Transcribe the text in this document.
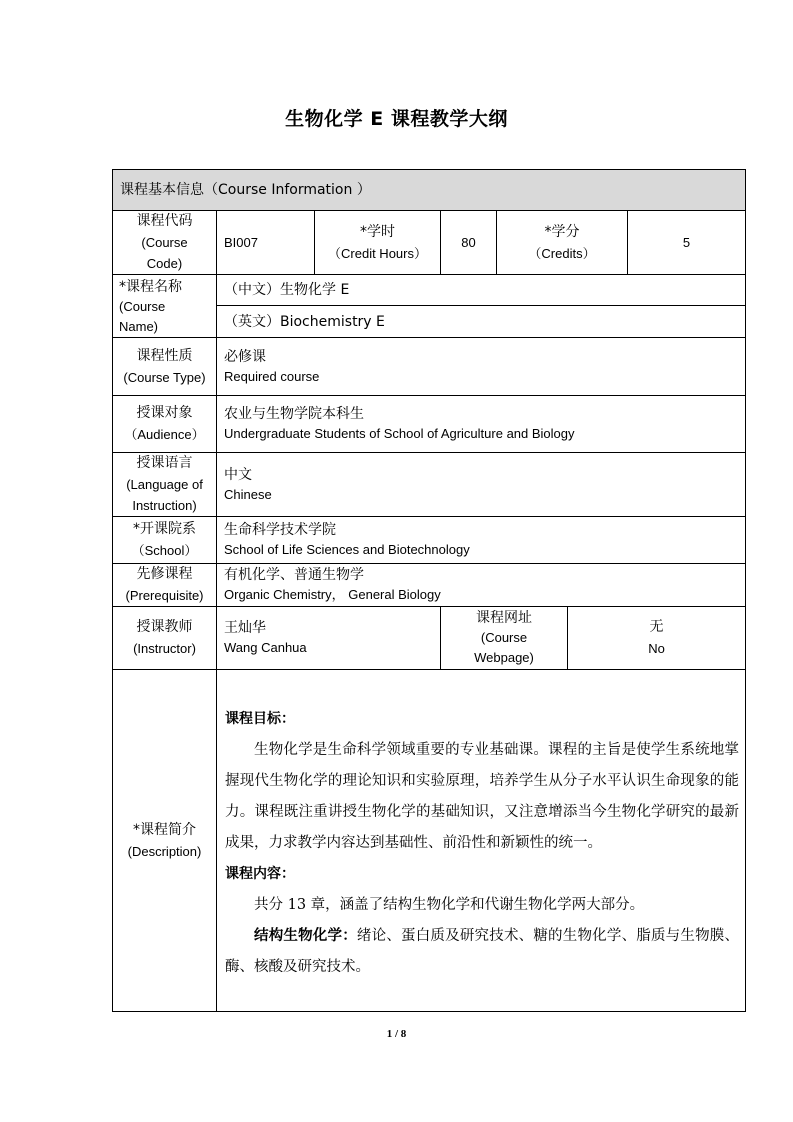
生物化学 E 课程教学大纲
课程基本信息（Course Information ）
课程代码
(Course Code)
BI007
*学时
（Credit Hours）
80
*学分
（Credits）
5
*课程名称
(Course Name)
（中文）生物化学 E
（英文）Biochemistry E
课程性质
(Course Type)
必修课
Required course
授课对象
（Audience）
农业与生物学院本科生
Undergraduate Students of School of Agriculture and Biology
授课语言
(Language of Instruction)
中文
Chinese
*开课院系
（School）
生命科学技术学院
School of Life Sciences and Biotechnology
先修课程
(Prerequisite)
有机化学、普通生物学
Organic Chemistry， General Biology
授课教师
(Instructor)
王灿华
Wang Canhua
课程网址
(Course Webpage)
无
No
*课程简介
(Description)
课程目标：

生物化学是生命科学领域重要的专业基础课。课程的主旨是使学生系统地掌握现代生物化学的理论知识和实验原理，培养学生从分子水平认识生命现象的能力。课程既注重讲授生物化学的基础知识，又注意增添当今生物化学研究的最新成果，力求教学内容达到基础性、前沿性和新颖性的统一。

课程内容：

共分 13 章，涵盖了结构生物化学和代谢生物化学两大部分。

结构生物化学：绪论、蛋白质及研究技术、糖的生物化学、脂质与生物膜、酶、核酸及研究技术。

1 / 8
